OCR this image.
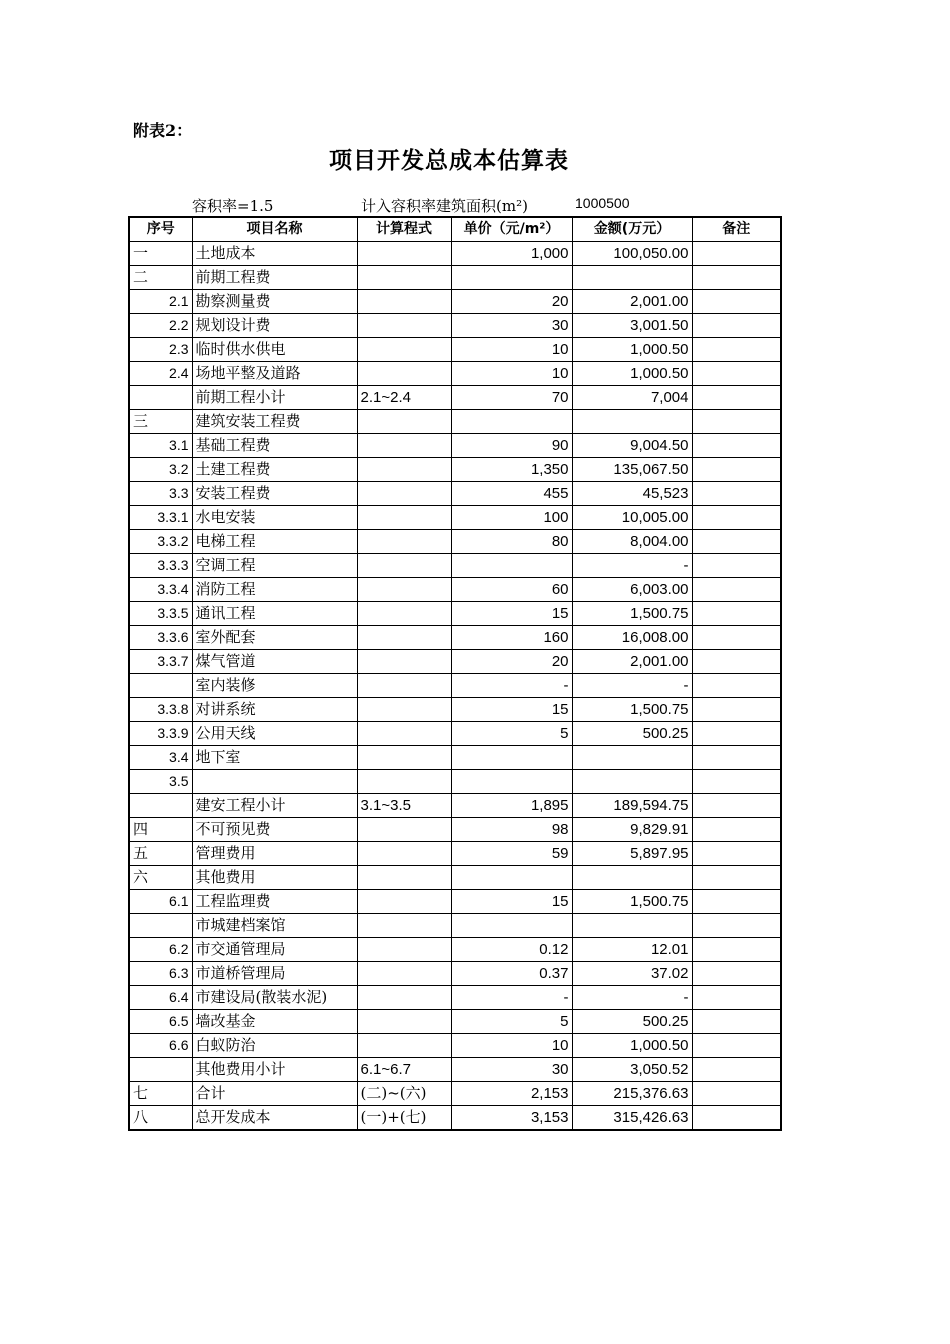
附表2：
项目开发总成本估算表
容积率=1.5	计入容积率建筑面积(m²)	1000500
序号	项目名称	计算程式	单价（元/m²）	金额(万元）	备注
一	土地成本		1,000	100,050.00	
二	前期工程费				
2.1	勘察测量费		20	2,001.00	
2.2	规划设计费		30	3,001.50	
2.3	临时供水供电		10	1,000.50	
2.4	场地平整及道路		10	1,000.50	
	前期工程小计	2.1~2.4	70	7,004	
三	建筑安装工程费				
3.1	基础工程费		90	9,004.50	
3.2	土建工程费		1,350	135,067.50	
3.3	安装工程费		455	45,523	
3.3.1	水电安装		100	10,005.00	
3.3.2	电梯工程		80	8,004.00	
3.3.3	空调工程			-	
3.3.4	消防工程		60	6,003.00	
3.3.5	通讯工程		15	1,500.75	
3.3.6	室外配套		160	16,008.00	
3.3.7	煤气管道		20	2,001.00	
	室内装修		-	-	
3.3.8	对讲系统		15	1,500.75	
3.3.9	公用天线		5	500.25	
3.4	地下室				
3.5					
	建安工程小计	3.1~3.5	1,895	189,594.75	
四	不可预见费		98	9,829.91	
五	管理费用		59	5,897.95	
六	其他费用				
6.1	工程监理费		15	1,500.75	
	市城建档案馆				
6.2	市交通管理局		0.12	12.01	
6.3	市道桥管理局		0.37	37.02	
6.4	市建设局(散装水泥)		-	-	
6.5	墙改基金		5	500.25	
6.6	白蚁防治		10	1,000.50	
	其他费用小计	6.1~6.7	30	3,050.52	
七	合计	(二)~(六)	2,153	215,376.63	
八	总开发成本	(一)+(七)	3,153	315,426.63	
